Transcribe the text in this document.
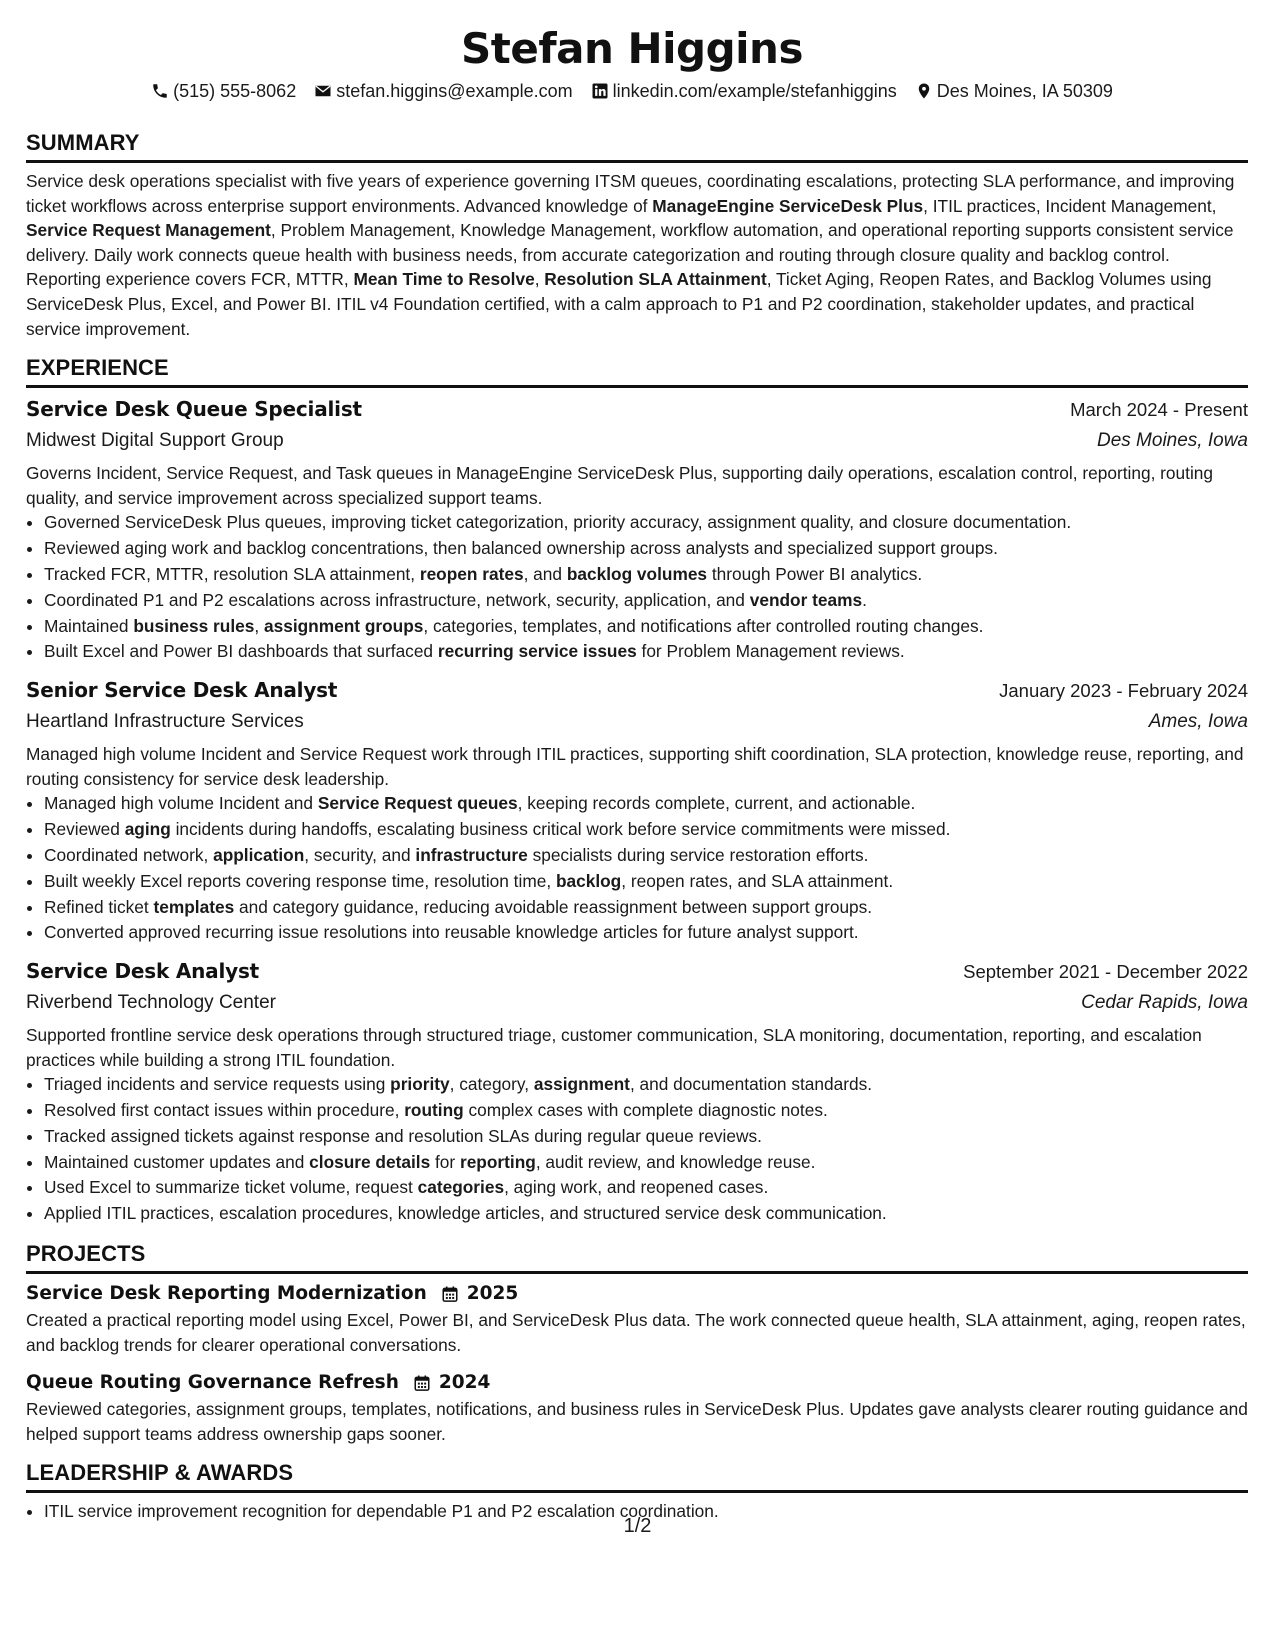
Stefan Higgins
(515) 555-8062 stefan.higgins@example.com linkedin.com/example/stefanhiggins Des Moines, IA 50309
SUMMARY

Service desk operations specialist with five years of experience governing ITSM queues, coordinating escalations, protecting SLA performance, and improving ticket workflows across enterprise support environments. Advanced knowledge of ManageEngine ServiceDesk Plus, ITIL practices, Incident Management, Service Request Management, Problem Management, Knowledge Management, workflow automation, and operational reporting supports consistent service delivery. Daily work connects queue health with business needs, from accurate categorization and routing through closure quality and backlog control. Reporting experience covers FCR, MTTR, Mean Time to Resolve, Resolution SLA Attainment, Ticket Aging, Reopen Rates, and Backlog Volumes using ServiceDesk Plus, Excel, and Power BI. ITIL v4 Foundation certified, with a calm approach to P1 and P2 coordination, stakeholder updates, and practical service improvement.

EXPERIENCE
Service Desk Queue Specialist	March 2024 - Present
Midwest Digital Support Group	Des Moines, Iowa

Governs Incident, Service Request, and Task queues in ManageEngine ServiceDesk Plus, supporting daily operations, escalation control, reporting, routing quality, and service improvement across specialized support teams.

• Governed ServiceDesk Plus queues, improving ticket categorization, priority accuracy, assignment quality, and closure documentation.
• Reviewed aging work and backlog concentrations, then balanced ownership across analysts and specialized support groups.
• Tracked FCR, MTTR, resolution SLA attainment, reopen rates, and backlog volumes through Power BI analytics.
• Coordinated P1 and P2 escalations across infrastructure, network, security, application, and vendor teams.
• Maintained business rules, assignment groups, categories, templates, and notifications after controlled routing changes.
• Built Excel and Power BI dashboards that surfaced recurring service issues for Problem Management reviews.
Senior Service Desk Analyst	January 2023 - February 2024
Heartland Infrastructure Services	Ames, Iowa

Managed high volume Incident and Service Request work through ITIL practices, supporting shift coordination, SLA protection, knowledge reuse, reporting, and routing consistency for service desk leadership.

• Managed high volume Incident and Service Request queues, keeping records complete, current, and actionable.
• Reviewed aging incidents during handoffs, escalating business critical work before service commitments were missed.
• Coordinated network, application, security, and infrastructure specialists during service restoration efforts.
• Built weekly Excel reports covering response time, resolution time, backlog, reopen rates, and SLA attainment.
• Refined ticket templates and category guidance, reducing avoidable reassignment between support groups.
• Converted approved recurring issue resolutions into reusable knowledge articles for future analyst support.
Service Desk Analyst	September 2021 - December 2022
Riverbend Technology Center	Cedar Rapids, Iowa

Supported frontline service desk operations through structured triage, customer communication, SLA monitoring, documentation, reporting, and escalation practices while building a strong ITIL foundation.

• Triaged incidents and service requests using priority, category, assignment, and documentation standards.
• Resolved first contact issues within procedure, routing complex cases with complete diagnostic notes.
• Tracked assigned tickets against response and resolution SLAs during regular queue reviews.
• Maintained customer updates and closure details for reporting, audit review, and knowledge reuse.
• Used Excel to summarize ticket volume, request categories, aging work, and reopened cases.
• Applied ITIL practices, escalation procedures, knowledge articles, and structured service desk communication.
PROJECTS
Service Desk Reporting Modernization 2025

Created a practical reporting model using Excel, Power BI, and ServiceDesk Plus data. The work connected queue health, SLA attainment, aging, reopen rates, and backlog trends for clearer operational conversations.

Queue Routing Governance Refresh 2024

Reviewed categories, assignment groups, templates, notifications, and business rules in ServiceDesk Plus. Updates gave analysts clearer routing guidance and helped support teams address ownership gaps sooner.

LEADERSHIP & AWARDS
• ITIL service improvement recognition for dependable P1 and P2 escalation coordination.
1/2
